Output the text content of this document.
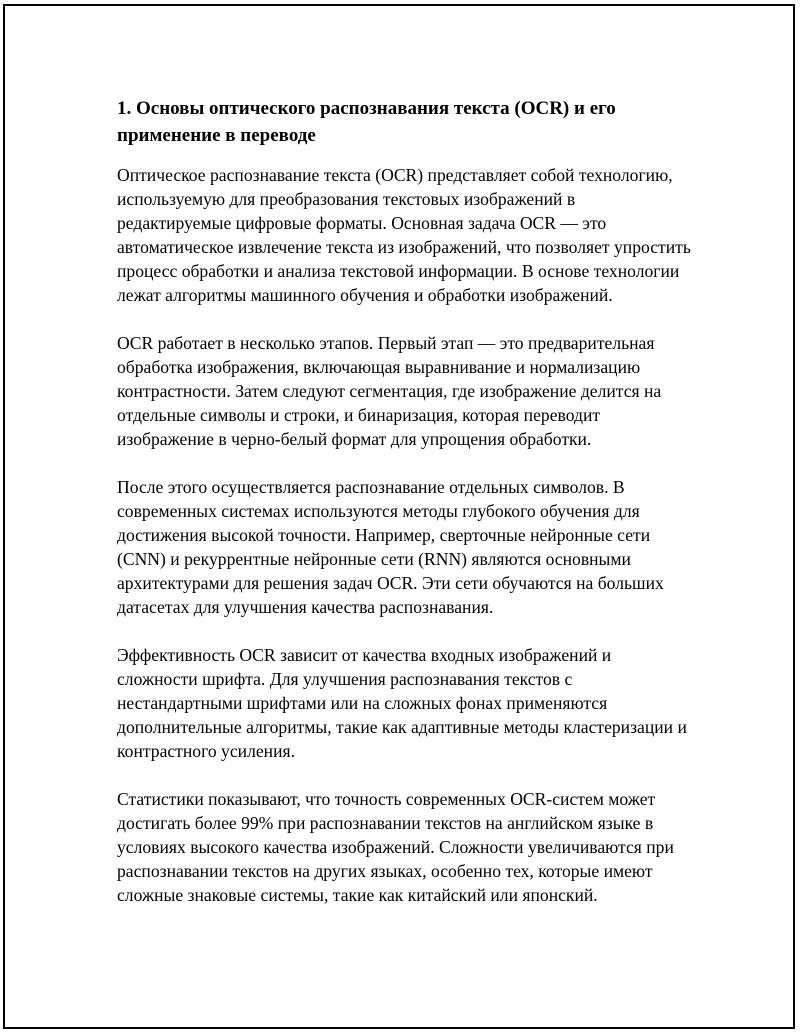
1. Основы оптического распознавания текста (OCR) и его применение в переводе

Оптическое распознавание текста (OCR) представляет собой технологию, используемую для преобразования текстовых изображений в редактируемые цифровые форматы. Основная задача OCR — это автоматическое извлечение текста из изображений, что позволяет упростить процесс обработки и анализа текстовой информации. В основе технологии лежат алгоритмы машинного обучения и обработки изображений.

OCR работает в несколько этапов. Первый этап — это предварительная обработка изображения, включающая выравнивание и нормализацию контрастности. Затем следуют сегментация, где изображение делится на отдельные символы и строки, и бинаризация, которая переводит изображение в черно-белый формат для упрощения обработки.

После этого осуществляется распознавание отдельных символов. В современных системах используются методы глубокого обучения для достижения высокой точности. Например, сверточные нейронные сети (CNN) и рекуррентные нейронные сети (RNN) являются основными архитектурами для решения задач OCR. Эти сети обучаются на больших датасетах для улучшения качества распознавания.

Эффективность OCR зависит от качества входных изображений и сложности шрифта. Для улучшения распознавания текстов с нестандартными шрифтами или на сложных фонах применяются дополнительные алгоритмы, такие как адаптивные методы кластеризации и контрастного усиления.

Статистики показывают, что точность современных OCR-систем может достигать более 99% при распознавании текстов на английском языке в условиях высокого качества изображений. Сложности увеличиваются при распознавании текстов на других языках, особенно тех, которые имеют сложные знаковые системы, такие как китайский или японский.
